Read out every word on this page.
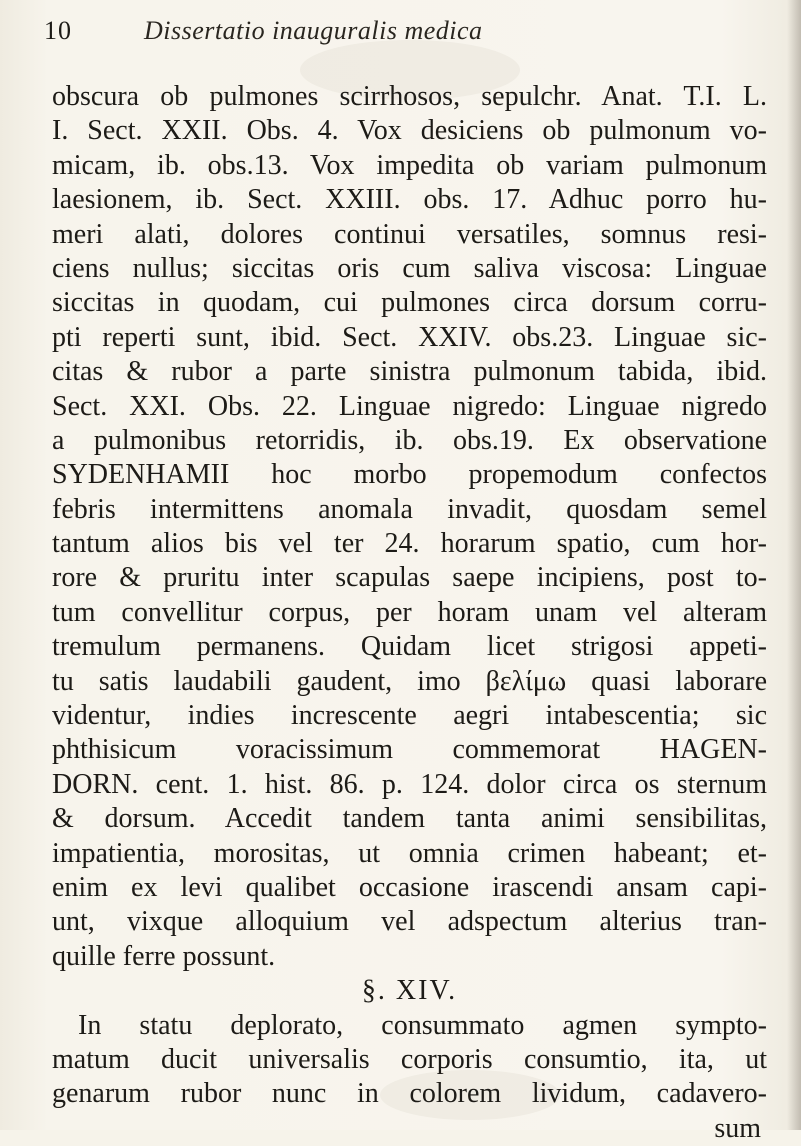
10	Dissertatio inauguralis medica
obscura ob pulmones scirrhosos, sepulchr. Anat. T.I. L.
I. Sect. XXII. Obs. 4. Vox desiciens ob pulmonum vo-
micam, ib. obs.13. Vox impedita ob variam pulmonum
laesionem, ib. Sect. XXIII. obs. 17. Adhuc porro hu-
meri alati, dolores continui versatiles, somnus resi-
ciens nullus; siccitas oris cum saliva viscosa: Linguae
siccitas in quodam, cui pulmones circa dorsum corru-
pti reperti sunt, ibid. Sect. XXIV. obs.23. Linguae sic-
citas & rubor a parte sinistra pulmonum tabida, ibid.
Sect. XXI. Obs. 22. Linguae nigredo: Linguae nigredo
a pulmonibus retorridis, ib. obs.19. Ex observatione
SYDENHAMII hoc morbo propemodum confectos
febris intermittens anomala invadit, quosdam semel
tantum alios bis vel ter 24. horarum spatio, cum hor-
rore & pruritu inter scapulas saepe incipiens, post to-
tum convellitur corpus, per horam unam vel alteram
tremulum permanens. Quidam licet strigosi appeti-
tu satis laudabili gaudent, imo βελίμω quasi laborare
videntur, indies increscente aegri intabescentia; sic
phthisicum voracissimum commemorat HAGEN-
DORN. cent. 1. hist. 86. p. 124. dolor circa os sternum
& dorsum. Accedit tandem tanta animi sensibilitas,
impatientia, morositas, ut omnia crimen habeant; et-
enim ex levi qualibet occasione irascendi ansam capi-
unt, vixque alloquium vel adspectum alterius tran-
quille ferre possunt.
§. XIV.
In statu deplorato, consummato agmen sympto-
matum ducit universalis corporis consumtio, ita, ut
genarum rubor nunc in colorem lividum, cadavero-
sum
